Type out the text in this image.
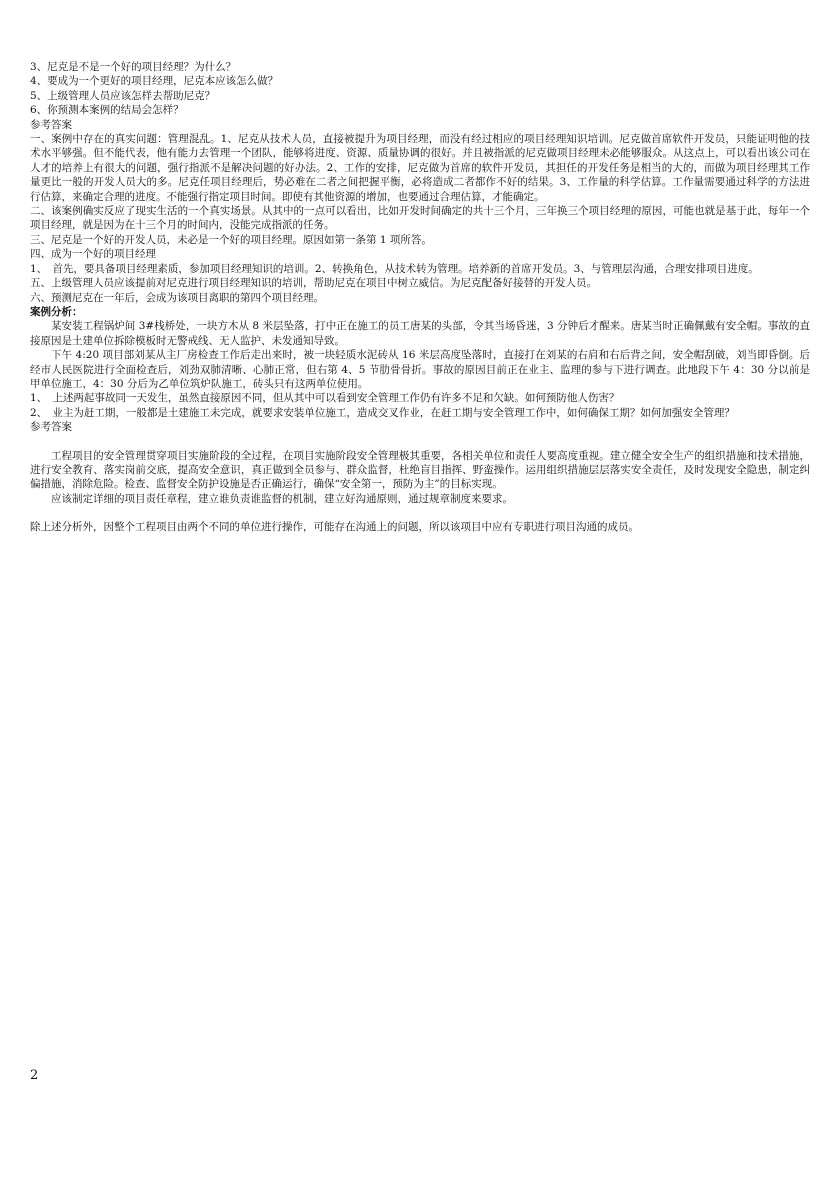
3、尼克是不是一个好的项目经理？为什么？

4、要成为一个更好的项目经理，尼克本应该怎么做？

5、上级管理人员应该怎样去帮助尼克？

6、你预测本案例的结局会怎样？

参考答案

一、案例中存在的真实问题：管理混乱。1、尼克从技术人员，直接被提升为项目经理，而没有经过相应的项目经理知识培训。尼克做首席软件开发员，只能证明他的技术水平够强。但不能代表，他有能力去管理一个团队，能够将进度、资源、质量协调的很好。并且被指派的尼克做项目经理未必能够服众。从这点上，可以看出该公司在人才的培养上有很大的问题，强行指派不是解决问题的好办法。2、工作的安排，尼克做为首席的软件开发员，其担任的开发任务是相当的大的，而做为项目经理其工作量更比一般的开发人员大的多。尼克任项目经理后，势必难在二者之间把握平衡，必将造成二者都作不好的结果。3、工作量的科学估算。工作量需要通过科学的方法进行估算，来确定合理的进度。不能强行指定项目时间。即使有其他资源的增加，也要通过合理估算，才能确定。

二、该案例确实反应了现实生活的一个真实场景。从其中的一点可以看出，比如开发时间确定的共十三个月，三年换三个项目经理的原因，可能也就是基于此，每年一个项目经理，就是因为在十三个月的时间内，没能完成指派的任务。

三、尼克是一个好的开发人员，未必是一个好的项目经理。原因如第一条第 1 项所答。

四、成为一个好的项目经理

1、　首先，要具备项目经理素质，参加项目经理知识的培训。2、转换角色，从技术转为管理。培养新的首席开发员。3、与管理层沟通，合理安排项目进度。

五、上级管理人员应该提前对尼克进行项目经理知识的培训，帮助尼克在项目中树立威信。为尼克配备好接替的开发人员。

六、预测尼克在一年后，会成为该项目离职的第四个项目经理。

案例分析：

某安装工程锅炉间 3#栈桥处，一块方木从 8 米层坠落，打中正在施工的员工唐某的头部，令其当场昏迷，3 分钟后才醒来。唐某当时正确佩戴有安全帽。事故的直接原因是土建单位拆除模板时无警戒线、无人监护、未发通知导致。

下午 4:20 项目部刘某从主厂房检查工作后走出来时，被一块轻质水泥砖从 16 米层高度坠落时，直接打在刘某的右肩和右后背之间，安全帽刮破，刘当即昏倒。后经市人民医院进行全面检查后，刘劲双肺清晰、心肺正常，但右第 4、5 节肋骨骨折。事故的原因目前正在业主、监理的参与下进行调查。此地段下午 4：30 分以前是甲单位施工，4：30 分后为乙单位筑炉队施工，砖头只有这两单位使用。

1、　上述两起事故同一天发生，虽然直接原因不同，但从其中可以看到安全管理工作仍有许多不足和欠缺。如何预防他人伤害？

2、　业主为赶工期，一般都是土建施工未完成，就要求安装单位施工，造成交叉作业，在赶工期与安全管理工作中，如何确保工期？如何加强安全管理？

参考答案

工程项目的安全管理贯穿项目实施阶段的全过程，在项目实施阶段安全管理极其重要，各相关单位和责任人要高度重视。建立健全安全生产的组织措施和技术措施，进行安全教育、落实岗前交底，提高安全意识，真正做到全员参与、群众监督，杜绝盲目指挥、野蛮操作。运用组织措施层层落实安全责任，及时发现安全隐患，制定纠偏措施，消除危险。检查、监督安全防护设施是否正确运行，确保“安全第一，预防为主”的目标实现。

应该制定详细的项目责任章程，建立谁负责谁监督的机制，建立好沟通原则，通过规章制度来要求。

除上述分析外，因整个工程项目由两个不同的单位进行操作，可能存在沟通上的问题，所以该项目中应有专职进行项目沟通的成员。

2
